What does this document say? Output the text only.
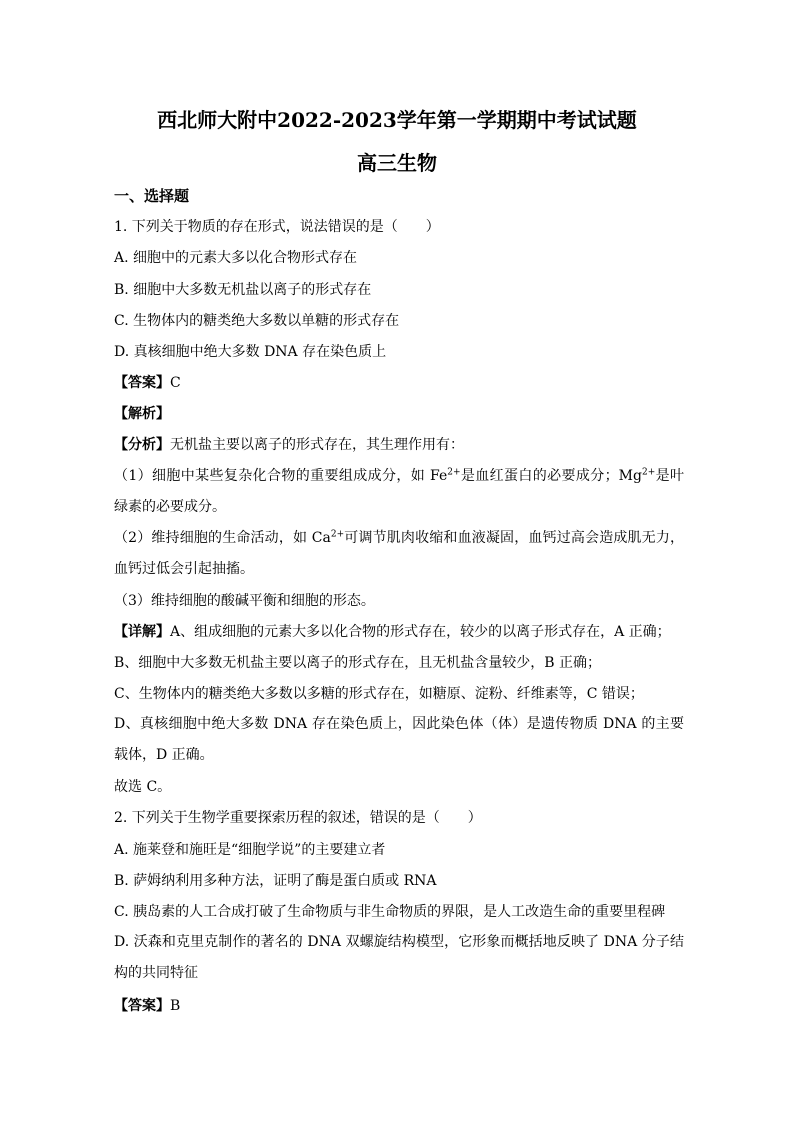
西北师大附中2022-2023学年第一学期期中考试试题
高三生物
一、选择题
1. 下列关于物质的存在形式，说法错误的是（　　）
A. 细胞中的元素大多以化合物形式存在
B. 细胞中大多数无机盐以离子的形式存在
C. 生物体内的糖类绝大多数以单糖的形式存在
D. 真核细胞中绝大多数 DNA 存在染色质上
【答案】C
【解析】
【分析】无机盐主要以离子的形式存在，其生理作用有：
（1）细胞中某些复杂化合物的重要组成成分，如 $Fe^{2+}$是血红蛋白的必要成分；$Mg^{2+}$是叶绿素的必要成分。
（2）维持细胞的生命活动，如 $Ca^{2+}$可调节肌肉收缩和血液凝固，血钙过高会造成肌无力，血钙过低会引起抽搐。
（3）维持细胞的酸碱平衡和细胞的形态。
【详解】A、组成细胞的元素大多以化合物的形式存在，较少的以离子形式存在，A 正确；
B、细胞中大多数无机盐主要以离子的形式存在，且无机盐含量较少，B 正确；
C、生物体内的糖类绝大多数以多糖的形式存在，如糖原、淀粉、纤维素等，C 错误；
D、真核细胞中绝大多数 DNA 存在染色质上，因此染色体（体）是遗传物质 DNA 的主要载体，D 正确。
故选 C。
2. 下列关于生物学重要探索历程的叙述，错误的是（　　）
A. 施莱登和施旺是“细胞学说”的主要建立者
B. 萨姆纳利用多种方法，证明了酶是蛋白质或 RNA
C. 胰岛素的人工合成打破了生命物质与非生命物质的界限，是人工改造生命的重要里程碑
D. 沃森和克里克制作的著名的 DNA 双螺旋结构模型，它形象而概括地反映了 DNA 分子结构的共同特征
【答案】B
